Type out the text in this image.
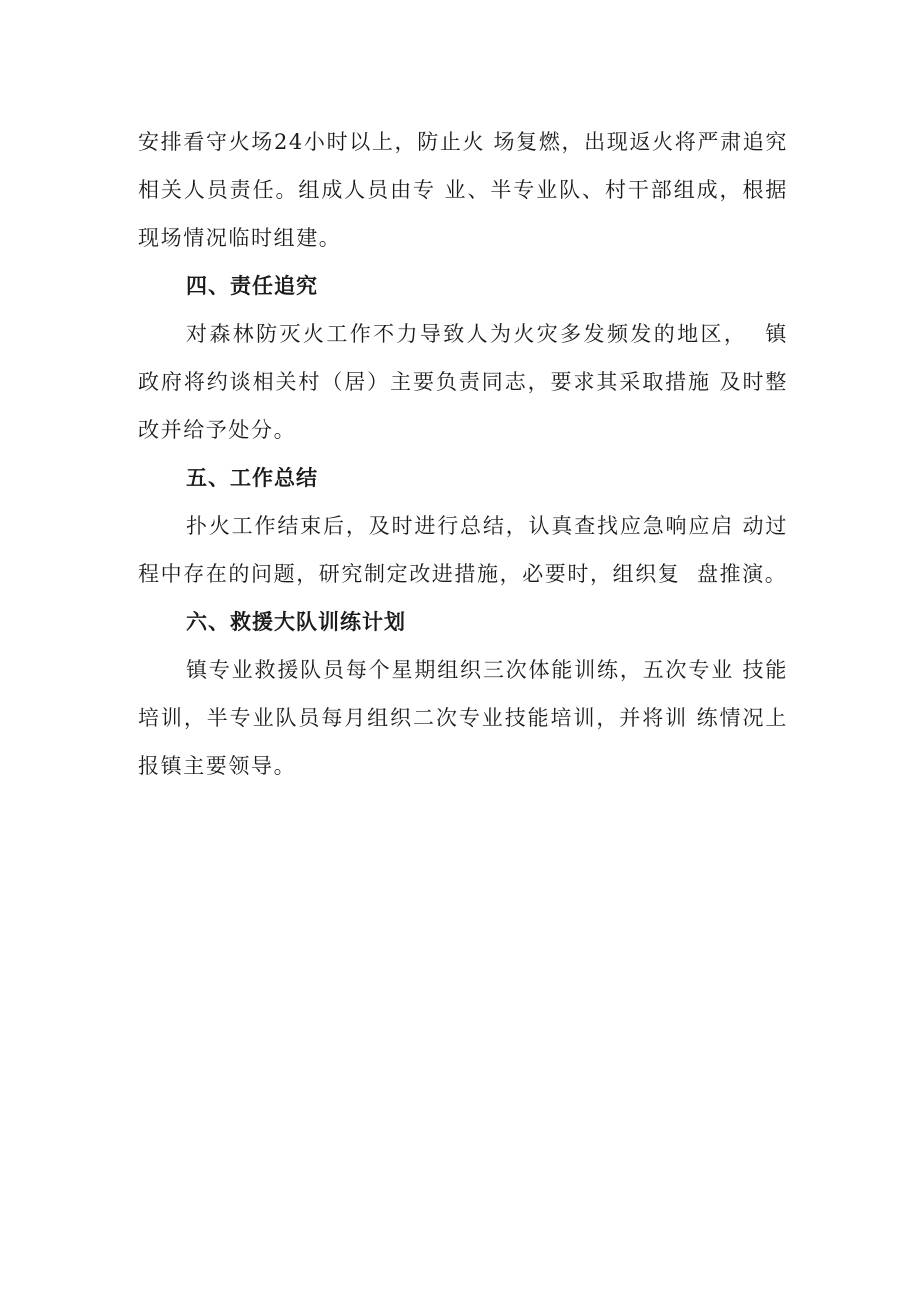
安排看守火场24小时以上，防止火 场复燃，出现返火将严肃追究相关人员责任。组成人员由专 业、半专业队、村干部组成，根据现场情况临时组建。

四、责任追究

对森林防灭火工作不力导致人为火灾多发频发的地区，  镇政府将约谈相关村（居）主要负责同志，要求其采取措施 及时整改并给予处分。

五、工作总结

扑火工作结束后，及时进行总结，认真查找应急响应启 动过程中存在的问题，研究制定改进措施，必要时，组织复  盘推演。

六、救援大队训练计划

镇专业救援队员每个星期组织三次体能训练，五次专业 技能培训，半专业队员每月组织二次专业技能培训，并将训 练情况上报镇主要领导。
